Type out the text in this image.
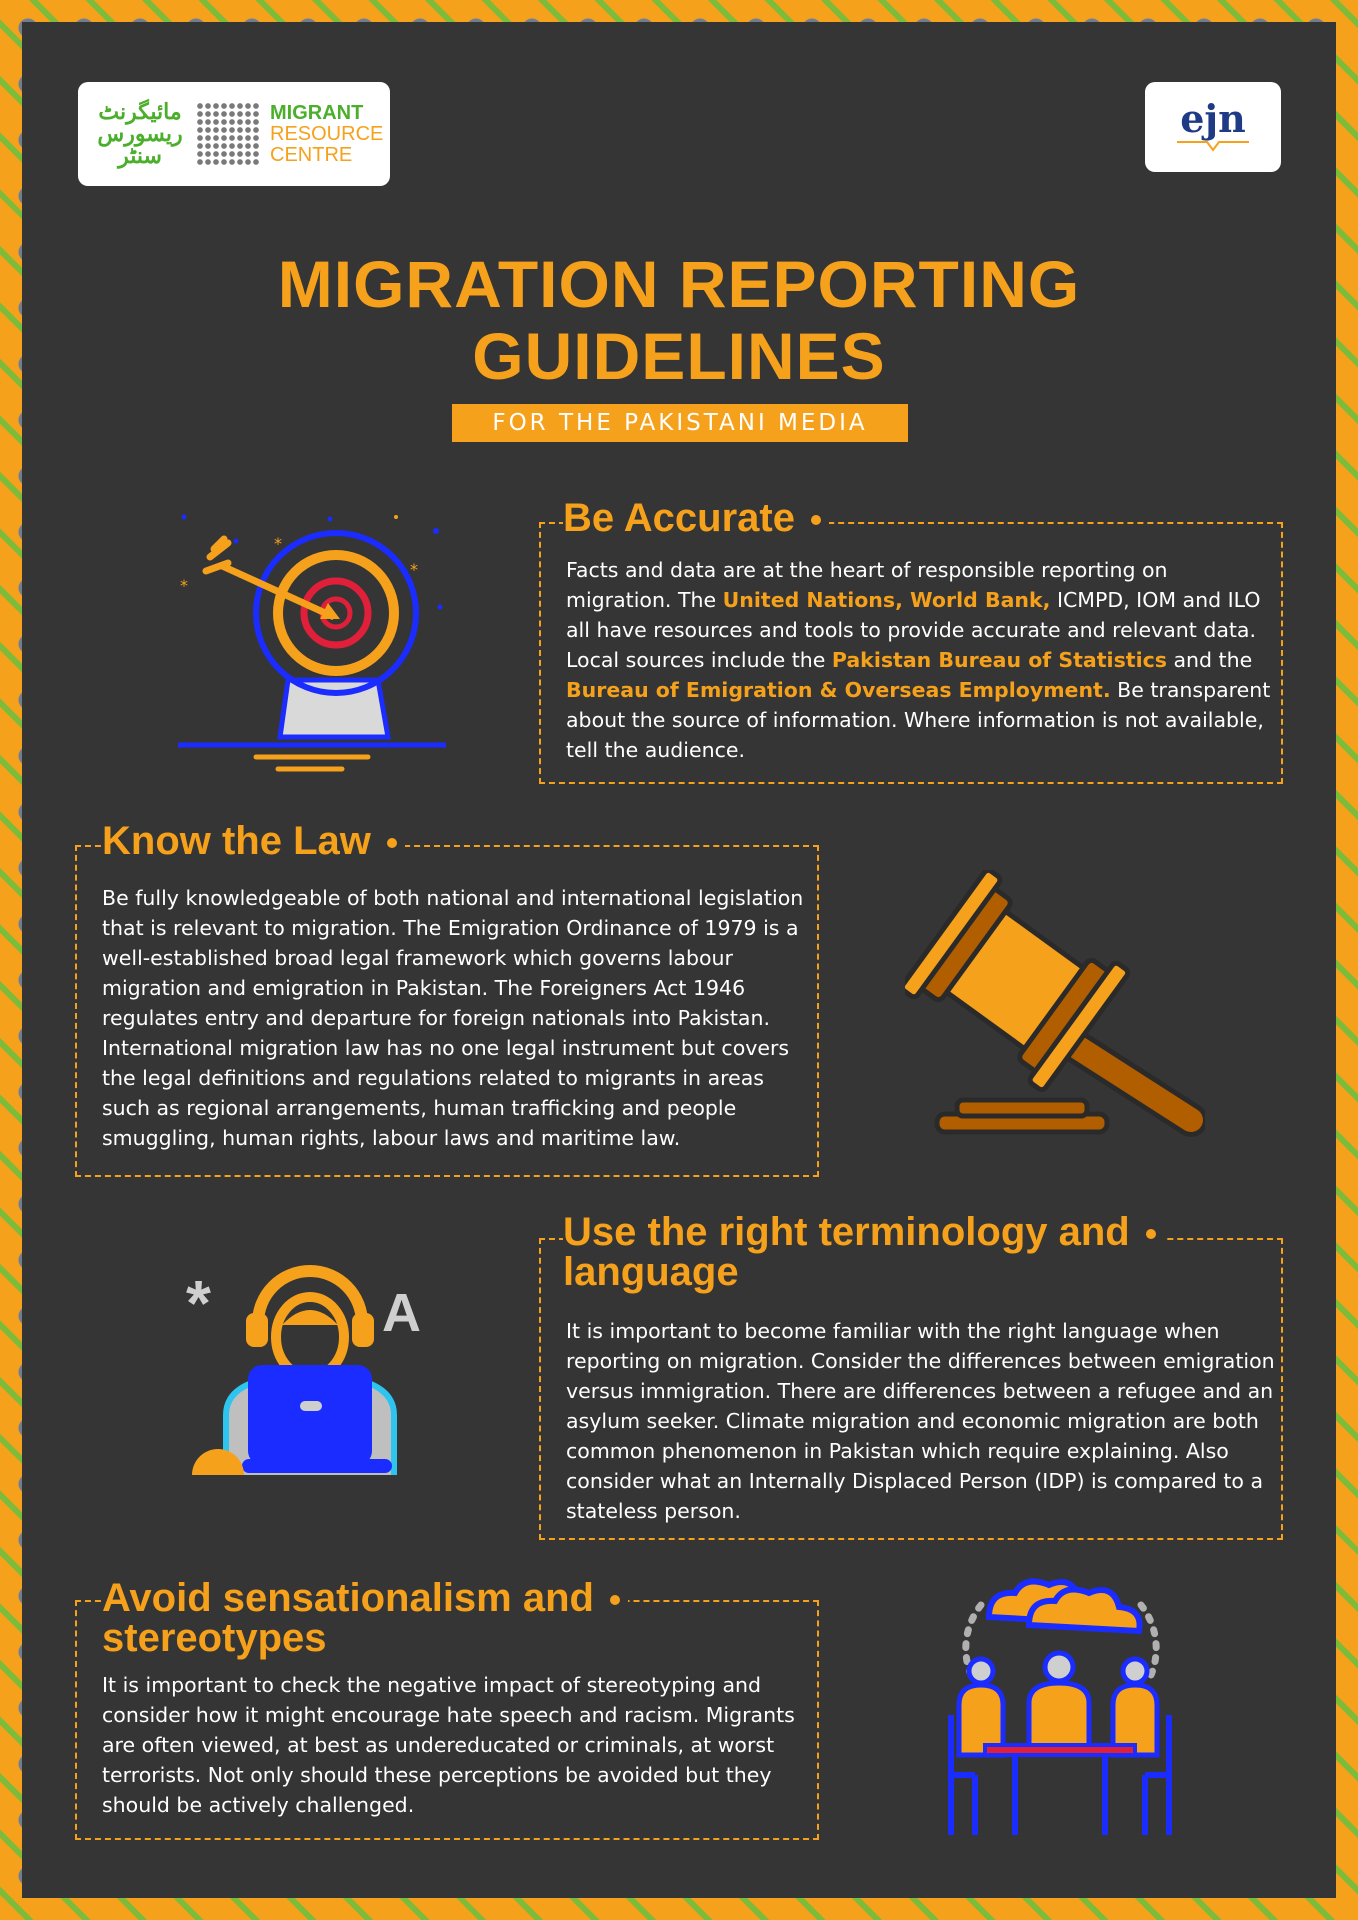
مائیگرنٹ ریسورس سنٹر
MIGRANT
RESOURCE
CENTRE
ejn
MIGRATION REPORTING
GUIDELINES
FOR THE PAKISTANI MEDIA
Be Accurate
Facts and data are at the heart of responsible reporting on migration. The United Nations, World Bank, ICMPD, IOM and ILO all have resources and tools to provide accurate and relevant data. Local sources include the Pakistan Bureau of Statistics and the Bureau of Emigration & Overseas Employment. Be transparent about the source of information. Where information is not available, tell the audience.
*
*
*
Know the Law
Be fully knowledgeable of both national and international legislation that is relevant to migration. The Emigration Ordinance of 1979 is a well-established broad legal framework which governs labour migration and emigration in Pakistan. The Foreigners Act 1946 regulates entry and departure for foreign nationals into Pakistan. International migration law has no one legal instrument but covers the legal definitions and regulations related to migrants in areas such as regional arrangements, human trafficking and people smuggling, human rights, labour laws and maritime law.
Use the right terminology and
language
It is important to become familiar with the right language when reporting on migration. Consider the differences between emigration versus immigration. There are differences between a refugee and an asylum seeker. Climate migration and economic migration are both common phenomenon in Pakistan which require explaining. Also consider what an Internally Displaced Person (IDP) is compared to a stateless person.
*	A
Avoid sensationalism and
stereotypes
It is important to check the negative impact of stereotyping and consider how it might encourage hate speech and racism. Migrants are often viewed, at best as undereducated or criminals, at worst terrorists. Not only should these perceptions be avoided but they should be actively challenged.
